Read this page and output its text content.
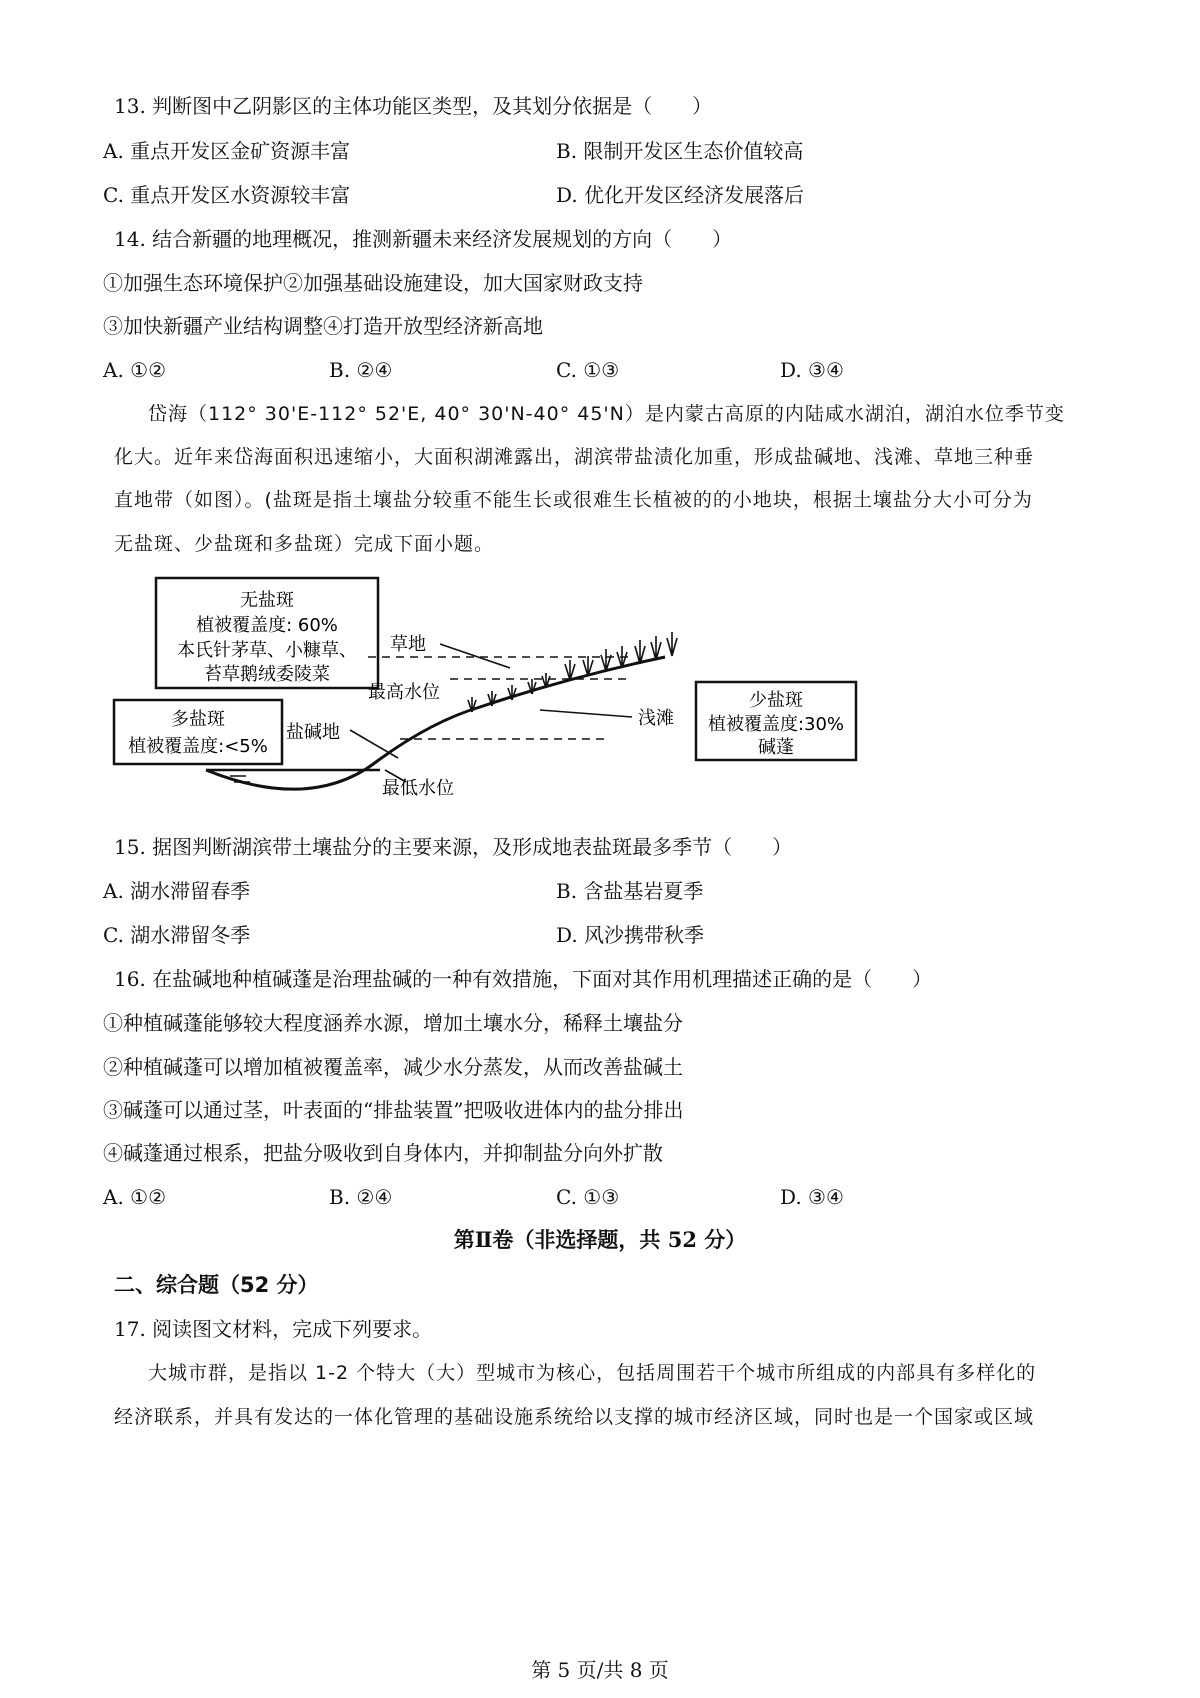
13. 判断图中乙阴影区的主体功能区类型，及其划分依据是（　　）
A. 重点开发区金矿资源丰富	B. 限制开发区生态价值较高
C. 重点开发区水资源较丰富	D. 优化开发区经济发展落后
14. 结合新疆的地理概况，推测新疆未来经济发展规划的方向（　　）
①加强生态环境保护②加强基础设施建设，加大国家财政支持
③加快新疆产业结构调整④打造开放型经济新高地
A. ①②	B. ②④	C. ①③	D. ③④
岱海（112° 30'E-112° 52'E, 40° 30'N-40° 45'N）是内蒙古高原的内陆咸水湖泊，湖泊水位季节变
化大。近年来岱海面积迅速缩小，大面积湖滩露出，湖滨带盐渍化加重，形成盐碱地、浅滩、草地三种垂
直地带（如图）。(盐斑是指土壤盐分较重不能生长或很难生长植被的的小地块，根据土壤盐分大小可分为
无盐斑、少盐斑和多盐斑）完成下面小题。
无盐斑
植被覆盖度: 60%
本氏针茅草、小糠草、
苔草鹅绒委陵菜
多盐斑
植被覆盖度:<5%
少盐斑
植被覆盖度:30%
碱蓬
草地
最高水位
盐碱地
浅滩
最低水位
15. 据图判断湖滨带土壤盐分的主要来源，及形成地表盐斑最多季节（　　）
A. 湖水滞留春季	B. 含盐基岩夏季
C. 湖水滞留冬季	D. 风沙携带秋季
16. 在盐碱地种植碱蓬是治理盐碱的一种有效措施，下面对其作用机理描述正确的是（　　）
①种植碱蓬能够较大程度涵养水源，增加土壤水分，稀释土壤盐分
②种植碱蓬可以增加植被覆盖率，减少水分蒸发，从而改善盐碱土
③碱蓬可以通过茎，叶表面的“排盐装置”把吸收进体内的盐分排出
④碱蓬通过根系，把盐分吸收到自身体内，并抑制盐分向外扩散
A. ①②	B. ②④	C. ①③	D. ③④
第Ⅱ卷（非选择题，共 52 分）
二、综合题（52 分）
17. 阅读图文材料，完成下列要求。
大城市群，是指以 1-2 个特大（大）型城市为核心，包括周围若干个城市所组成的内部具有多样化的
经济联系，并具有发达的一体化管理的基础设施系统给以支撑的城市经济区域，同时也是一个国家或区域
第 5 页/共 8 页
